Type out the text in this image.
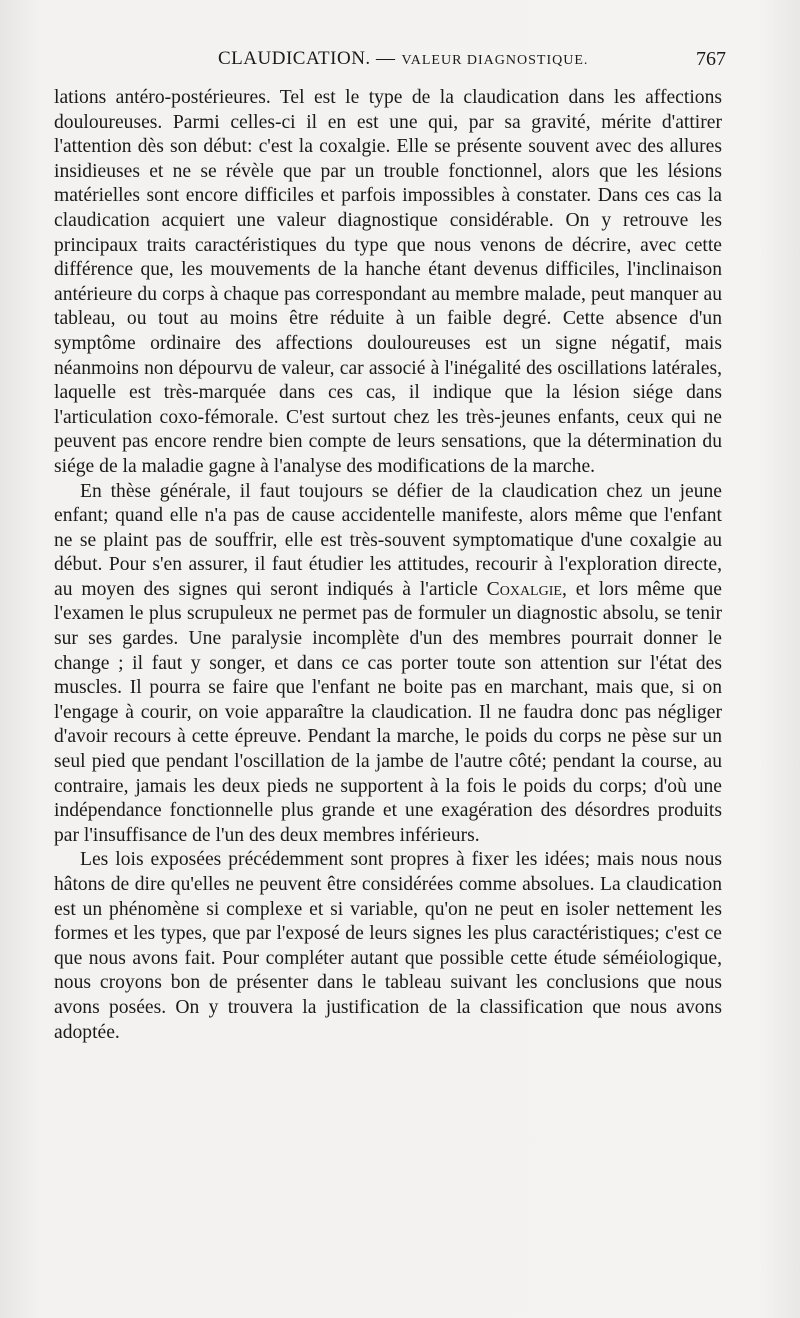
CLAUDICATION. — VALEUR DIAGNOSTIQUE.	767

lations antéro-postérieures. Tel est le type de la claudication dans les affections douloureuses. Parmi celles-ci il en est une qui, par sa gravité, mérite d'attirer l'attention dès son début: c'est la coxalgie. Elle se présente souvent avec des allures insidieuses et ne se révèle que par un trouble fonctionnel, alors que les lésions matérielles sont encore difficiles et parfois impossibles à constater. Dans ces cas la claudication acquiert une valeur diagnostique considérable. On y retrouve les principaux traits caractéristiques du type que nous venons de décrire, avec cette différence que, les mouvements de la hanche étant devenus difficiles, l'inclinaison antérieure du corps à chaque pas correspondant au membre malade, peut manquer au tableau, ou tout au moins être réduite à un faible degré. Cette absence d'un symptôme ordinaire des affections douloureuses est un signe négatif, mais néanmoins non dépourvu de valeur, car associé à l'inégalité des oscillations latérales, laquelle est très-marquée dans ces cas, il indique que la lésion siége dans l'articulation coxo-fémorale. C'est surtout chez les très-jeunes enfants, ceux qui ne peuvent pas encore rendre bien compte de leurs sensations, que la détermination du siége de la maladie gagne à l'analyse des modifications de la marche.

En thèse générale, il faut toujours se défier de la claudication chez un jeune enfant; quand elle n'a pas de cause accidentelle manifeste, alors même que l'enfant ne se plaint pas de souffrir, elle est très-souvent symptomatique d'une coxalgie au début. Pour s'en assurer, il faut étudier les attitudes, recourir à l'exploration directe, au moyen des signes qui seront indiqués à l'article Coxalgie, et lors même que l'examen le plus scrupuleux ne permet pas de formuler un diagnostic absolu, se tenir sur ses gardes. Une paralysie incomplète d'un des membres pourrait donner le change ; il faut y songer, et dans ce cas porter toute son attention sur l'état des muscles. Il pourra se faire que l'enfant ne boite pas en marchant, mais que, si on l'engage à courir, on voie apparaître la claudication. Il ne faudra donc pas négliger d'avoir recours à cette épreuve. Pendant la marche, le poids du corps ne pèse sur un seul pied que pendant l'oscillation de la jambe de l'autre côté; pendant la course, au contraire, jamais les deux pieds ne supportent à la fois le poids du corps; d'où une indépendance fonctionnelle plus grande et une exagération des désordres produits par l'insuffisance de l'un des deux membres inférieurs.

Les lois exposées précédemment sont propres à fixer les idées; mais nous nous hâtons de dire qu'elles ne peuvent être considérées comme absolues. La claudication est un phénomène si complexe et si variable, qu'on ne peut en isoler nettement les formes et les types, que par l'exposé de leurs signes les plus caractéristiques; c'est ce que nous avons fait. Pour compléter autant que possible cette étude séméiologique, nous croyons bon de présenter dans le tableau suivant les conclusions que nous avons posées. On y trouvera la justification de la classification que nous avons adoptée.
